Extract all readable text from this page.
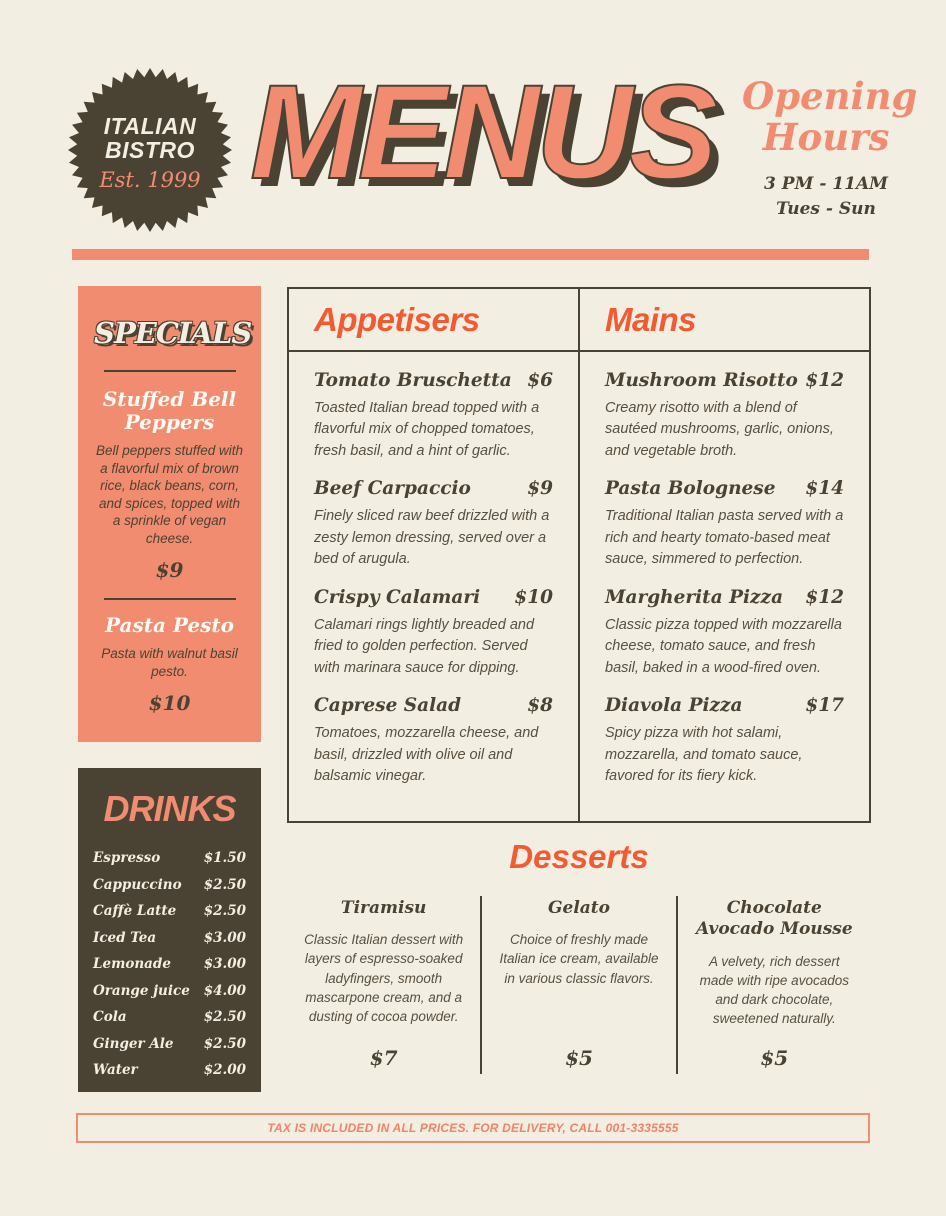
ITALIAN
BISTRO
Est. 1999 MENUS Opening
Hours
3 PM - 11AM
Tues - Sun
SPECIALS
Stuffed Bell Peppers

Bell peppers stuffed with a flavorful mix of brown rice, black beans, corn, and spices, topped with a sprinkle of vegan cheese.

$9
Pasta Pesto

Pasta with walnut basil pesto.

$10
DRINKS
Espresso	$1.50
Cappuccino $2.50
Caffè Latte $2.50
Iced Tea	$3.00
Lemonade $3.00
Orange juice $4.00
Cola	$2.50
Ginger Ale $2.50
Water	$2.00
Appetisers
Tomato Bruschetta $6

Toasted Italian bread topped with a flavorful mix of chopped tomatoes, fresh basil, and a hint of garlic.

Beef Carpaccio	$9

Finely sliced raw beef drizzled with a zesty lemon dressing, served over a bed of arugula.

Crispy Calamari $10

Calamari rings lightly breaded and fried to golden perfection. Served with marinara sauce for dipping.

Caprese Salad	$8

Tomatoes, mozzarella cheese, and basil, drizzled with olive oil and balsamic vinegar.

Mains
Mushroom Risotto $12

Creamy risotto with a blend of sautéed mushrooms, garlic, onions, and vegetable broth.

Pasta Bolognese $14

Traditional Italian pasta served with a rich and hearty tomato-based meat sauce, simmered to perfection.

Margherita Pizza $12

Classic pizza topped with mozzarella cheese, tomato sauce, and fresh basil, baked in a wood-fired oven.

Diavola Pizza	$17

Spicy pizza with hot salami, mozzarella, and tomato sauce, favored for its fiery kick.

Desserts
Tiramisu

Classic Italian dessert with layers of espresso-soaked ladyfingers, smooth mascarpone cream, and a dusting of cocoa powder.

$7
Gelato

Choice of freshly made Italian ice cream, available in various classic flavors.

$5
Chocolate Avocado Mousse

A velvety, rich dessert made with ripe avocados and dark chocolate, sweetened naturally.

$5
TAX IS INCLUDED IN ALL PRICES. FOR DELIVERY, CALL 001-3335555
